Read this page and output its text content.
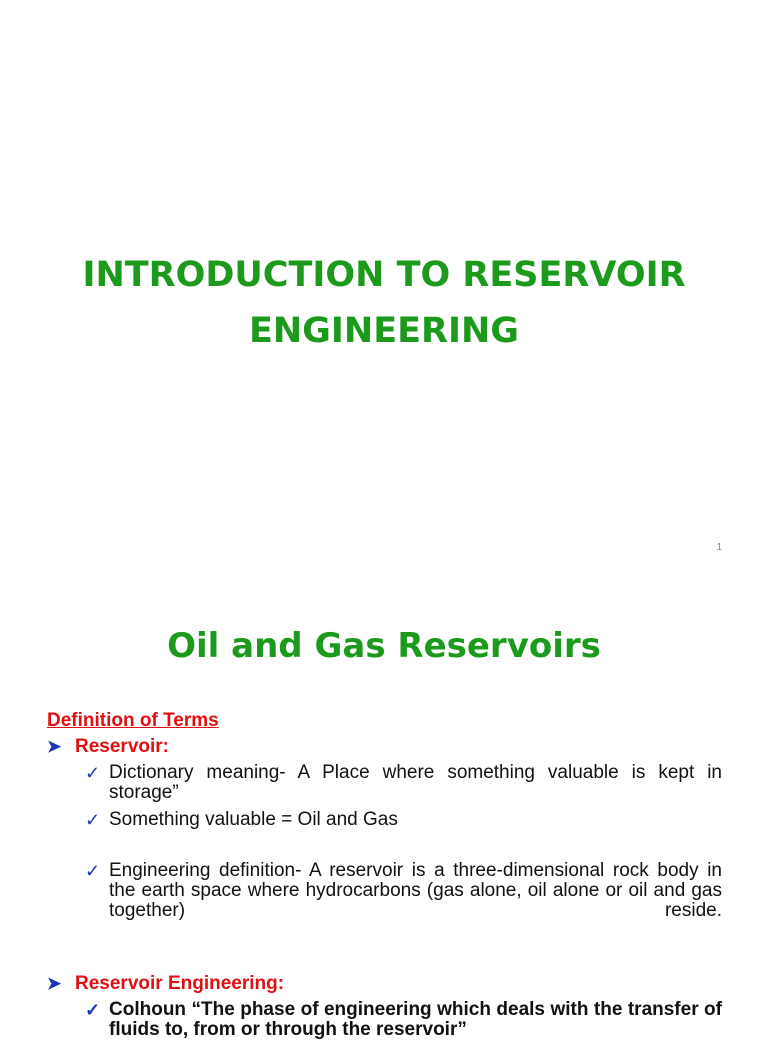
INTRODUCTION TO RESERVOIR
ENGINEERING
1
Oil and Gas Reservoirs
Definition of Terms
➤ Reservoir:
✓ Dictionary meaning- A Place where something valuable is kept in storage”
✓ Something valuable = Oil and Gas
✓ Engineering definition- A reservoir is a three-dimensional rock body in the earth space where hydrocarbons (gas alone, oil alone or oil and gas together) reside.
➤ Reservoir Engineering:
✓ Colhoun “The phase of engineering which deals with the transfer of fluids to, from or through the reservoir”
